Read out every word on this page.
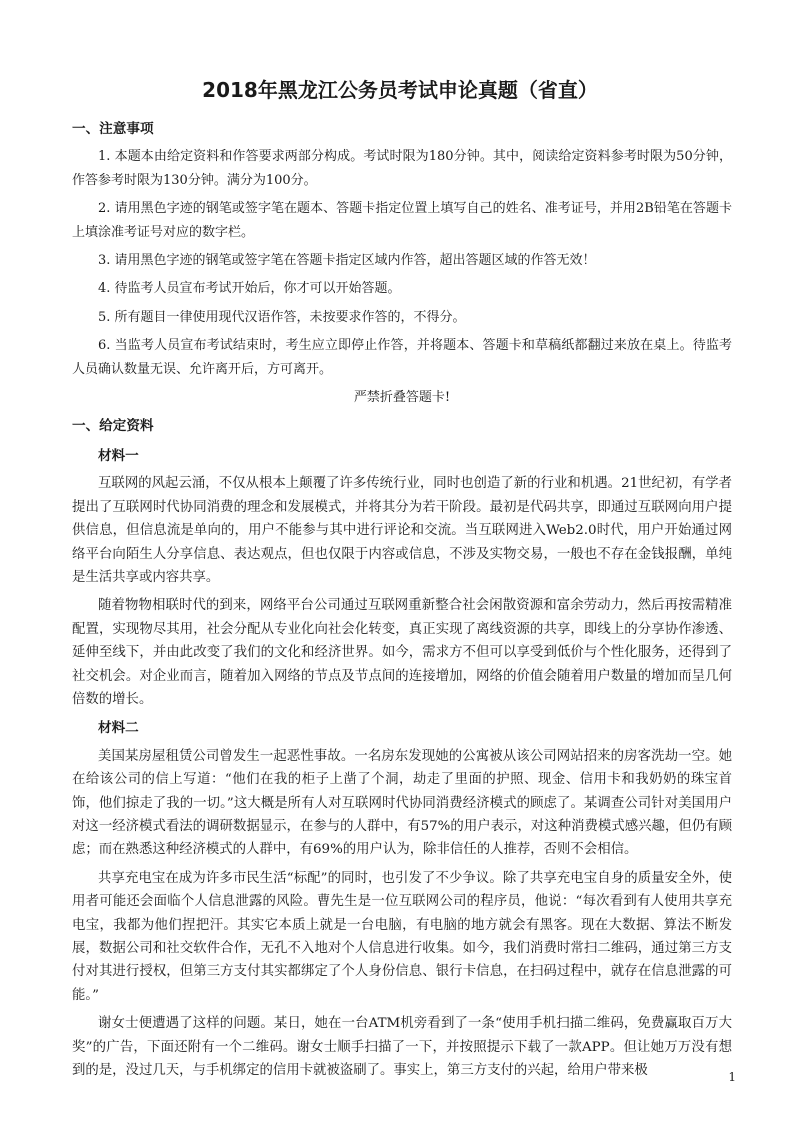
2018年黑龙江公务员考试申论真题（省直）
一、注意事项

1. 本题本由给定资料和作答要求两部分构成。考试时限为180分钟。其中，阅读给定资料参考时限为50分钟，作答参考时限为130分钟。满分为100分。

2. 请用黑色字迹的钢笔或签字笔在题本、答题卡指定位置上填写自己的姓名、准考证号，并用2B铅笔在答题卡上填涂准考证号对应的数字栏。

3. 请用黑色字迹的钢笔或签字笔在答题卡指定区域内作答，超出答题区域的作答无效！

4. 待监考人员宣布考试开始后，你才可以开始答题。

5. 所有题目一律使用现代汉语作答，未按要求作答的，不得分。

6. 当监考人员宣布考试结束时，考生应立即停止作答，并将题本、答题卡和草稿纸都翻过来放在桌上。待监考人员确认数量无误、允许离开后，方可离开。

严禁折叠答题卡!

一、给定资料
材料一

互联网的风起云涌，不仅从根本上颠覆了许多传统行业，同时也创造了新的行业和机遇。21世纪初，有学者提出了互联网时代协同消费的理念和发展模式，并将其分为若干阶段。最初是代码共享，即通过互联网向用户提供信息，但信息流是单向的，用户不能参与其中进行评论和交流。当互联网进入Web2.0时代，用户开始通过网络平台向陌生人分享信息、表达观点，但也仅限于内容或信息，不涉及实物交易，一般也不存在金钱报酬，单纯是生活共享或内容共享。

随着物物相联时代的到来，网络平台公司通过互联网重新整合社会闲散资源和富余劳动力，然后再按需精准配置，实现物尽其用，社会分配从专业化向社会化转变，真正实现了离线资源的共享，即线上的分享协作渗透、延伸至线下，并由此改变了我们的文化和经济世界。如今，需求方不但可以享受到低价与个性化服务，还得到了社交机会。对企业而言，随着加入网络的节点及节点间的连接增加，网络的价值会随着用户数量的增加而呈几何倍数的增长。

材料二

美国某房屋租赁公司曾发生一起恶性事故。一名房东发现她的公寓被从该公司网站招来的房客洗劫一空。她在给该公司的信上写道：“他们在我的柜子上凿了个洞，劫走了里面的护照、现金、信用卡和我奶奶的珠宝首饰，他们掠走了我的一切。”这大概是所有人对互联网时代协同消费经济模式的顾虑了。某调查公司针对美国用户对这一经济模式看法的调研数据显示，在参与的人群中，有57%的用户表示，对这种消费模式感兴趣，但仍有顾虑；而在熟悉这种经济模式的人群中，有69%的用户认为，除非信任的人推荐，否则不会相信。

共享充电宝在成为许多市民生活“标配”的同时，也引发了不少争议。除了共享充电宝自身的质量安全外，使用者可能还会面临个人信息泄露的风险。曹先生是一位互联网公司的程序员，他说：“每次看到有人使用共享充电宝，我都为他们捏把汗。其实它本质上就是一台电脑，有电脑的地方就会有黑客。现在大数据、算法不断发展，数据公司和社交软件合作，无孔不入地对个人信息进行收集。如今，我们消费时常扫二维码，通过第三方支付对其进行授权，但第三方支付其实都绑定了个人身份信息、银行卡信息，在扫码过程中，就存在信息泄露的可能。”

谢女士便遭遇了这样的问题。某日，她在一台ATM机旁看到了一条“使用手机扫描二维码，免费赢取百万大奖”的广告，下面还附有一个二维码。谢女士顺手扫描了一下，并按照提示下载了一款APP。但让她万万没有想到的是，没过几天，与手机绑定的信用卡就被盗刷了。事实上，第三方支付的兴起，给用户带来极	1
